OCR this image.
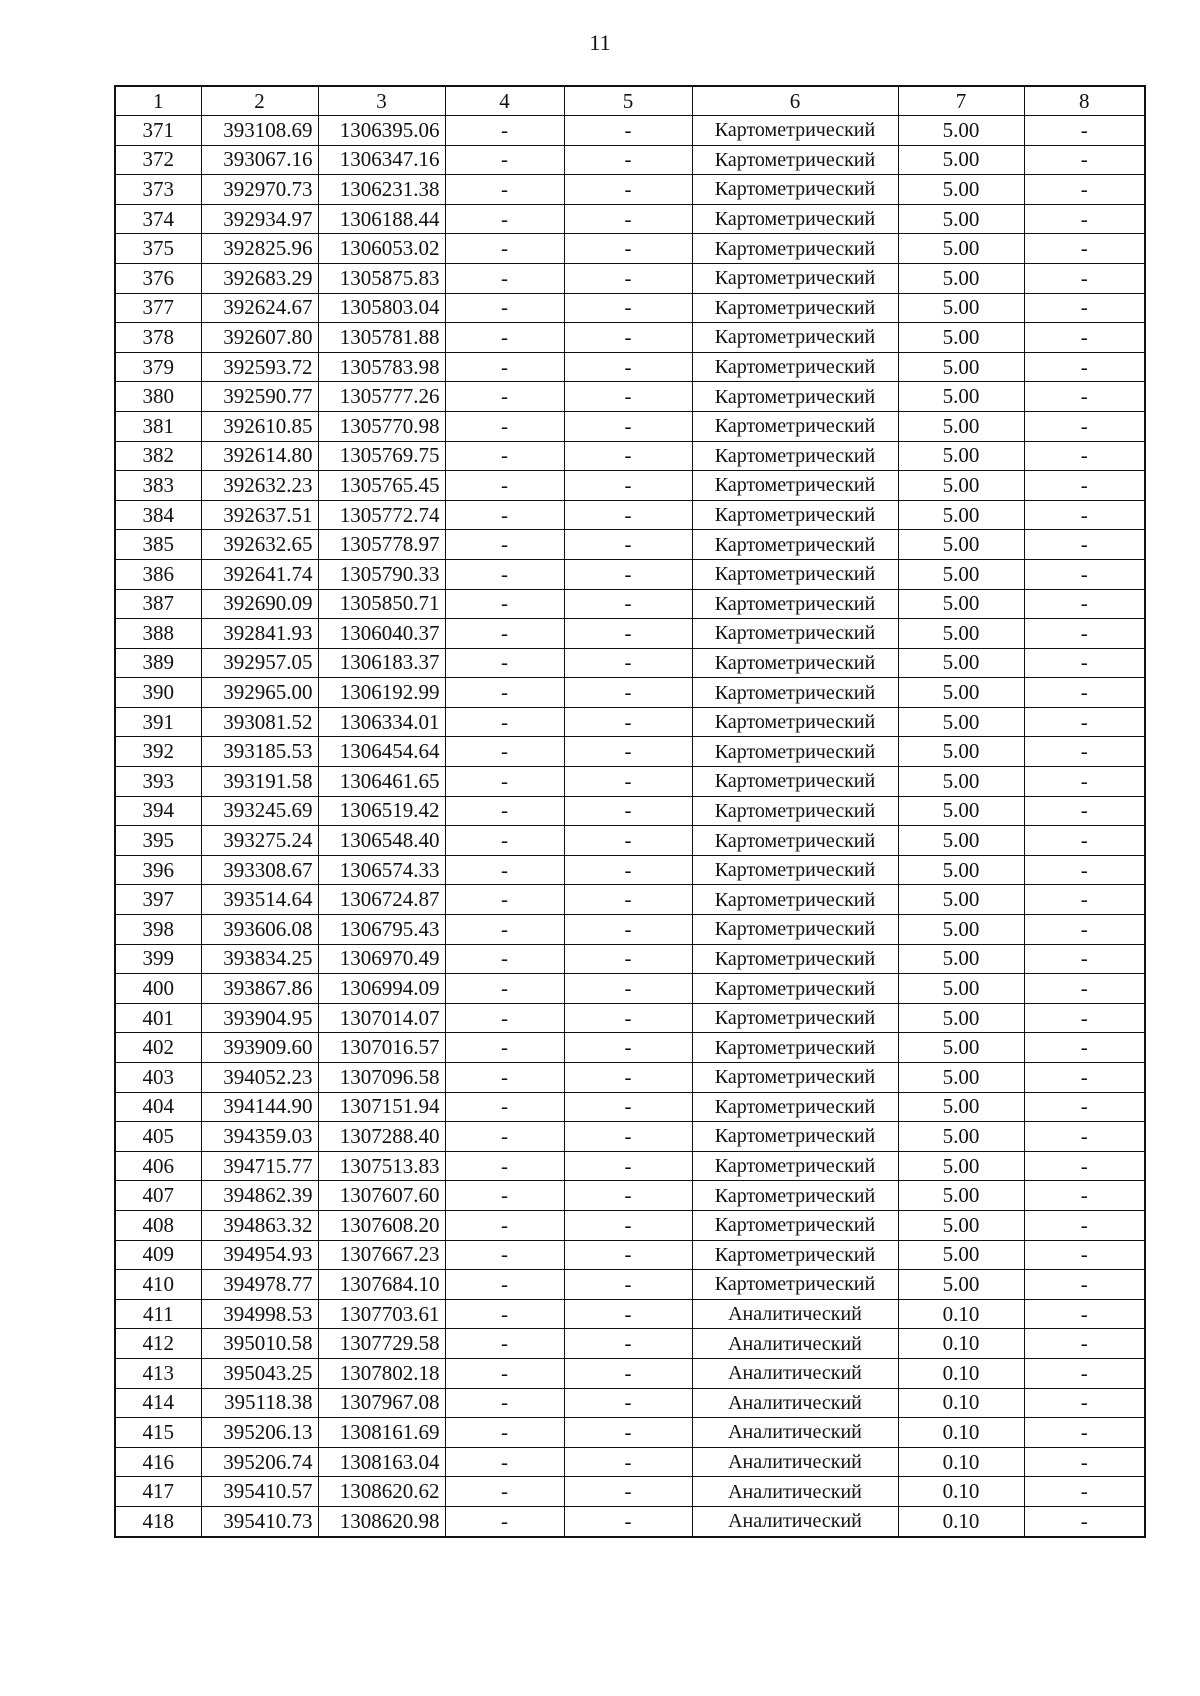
11
1	2	3	4	5	6	7	8
371	393108.69	1306395.06	-	-	Картометрический	5.00	-
372	393067.16	1306347.16	-	-	Картометрический	5.00	-
373	392970.73	1306231.38	-	-	Картометрический	5.00	-
374	392934.97	1306188.44	-	-	Картометрический	5.00	-
375	392825.96	1306053.02	-	-	Картометрический	5.00	-
376	392683.29	1305875.83	-	-	Картометрический	5.00	-
377	392624.67	1305803.04	-	-	Картометрический	5.00	-
378	392607.80	1305781.88	-	-	Картометрический	5.00	-
379	392593.72	1305783.98	-	-	Картометрический	5.00	-
380	392590.77	1305777.26	-	-	Картометрический	5.00	-
381	392610.85	1305770.98	-	-	Картометрический	5.00	-
382	392614.80	1305769.75	-	-	Картометрический	5.00	-
383	392632.23	1305765.45	-	-	Картометрический	5.00	-
384	392637.51	1305772.74	-	-	Картометрический	5.00	-
385	392632.65	1305778.97	-	-	Картометрический	5.00	-
386	392641.74	1305790.33	-	-	Картометрический	5.00	-
387	392690.09	1305850.71	-	-	Картометрический	5.00	-
388	392841.93	1306040.37	-	-	Картометрический	5.00	-
389	392957.05	1306183.37	-	-	Картометрический	5.00	-
390	392965.00	1306192.99	-	-	Картометрический	5.00	-
391	393081.52	1306334.01	-	-	Картометрический	5.00	-
392	393185.53	1306454.64	-	-	Картометрический	5.00	-
393	393191.58	1306461.65	-	-	Картометрический	5.00	-
394	393245.69	1306519.42	-	-	Картометрический	5.00	-
395	393275.24	1306548.40	-	-	Картометрический	5.00	-
396	393308.67	1306574.33	-	-	Картометрический	5.00	-
397	393514.64	1306724.87	-	-	Картометрический	5.00	-
398	393606.08	1306795.43	-	-	Картометрический	5.00	-
399	393834.25	1306970.49	-	-	Картометрический	5.00	-
400	393867.86	1306994.09	-	-	Картометрический	5.00	-
401	393904.95	1307014.07	-	-	Картометрический	5.00	-
402	393909.60	1307016.57	-	-	Картометрический	5.00	-
403	394052.23	1307096.58	-	-	Картометрический	5.00	-
404	394144.90	1307151.94	-	-	Картометрический	5.00	-
405	394359.03	1307288.40	-	-	Картометрический	5.00	-
406	394715.77	1307513.83	-	-	Картометрический	5.00	-
407	394862.39	1307607.60	-	-	Картометрический	5.00	-
408	394863.32	1307608.20	-	-	Картометрический	5.00	-
409	394954.93	1307667.23	-	-	Картометрический	5.00	-
410	394978.77	1307684.10	-	-	Картометрический	5.00	-
411	394998.53	1307703.61	-	-	Аналитический	0.10	-
412	395010.58	1307729.58	-	-	Аналитический	0.10	-
413	395043.25	1307802.18	-	-	Аналитический	0.10	-
414	395118.38	1307967.08	-	-	Аналитический	0.10	-
415	395206.13	1308161.69	-	-	Аналитический	0.10	-
416	395206.74	1308163.04	-	-	Аналитический	0.10	-
417	395410.57	1308620.62	-	-	Аналитический	0.10	-
418	395410.73	1308620.98	-	-	Аналитический	0.10	-
